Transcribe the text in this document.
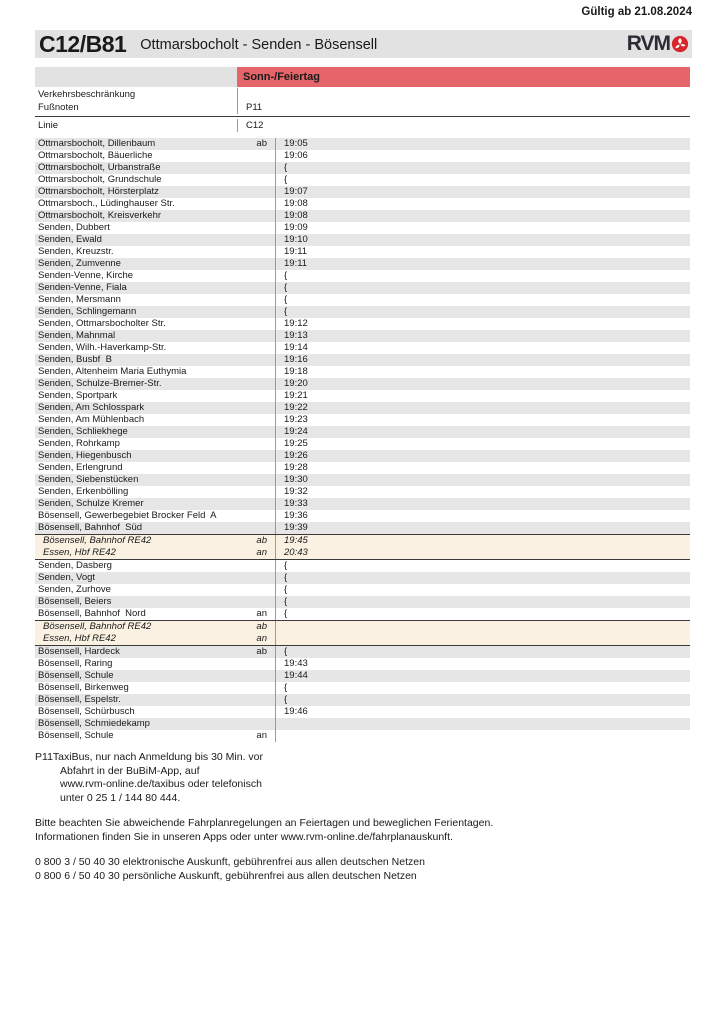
Gültig ab 21.08.2024
C12/B81 Ottmarsbocholt - Senden - Bösensell	RVM
Sonn-/Feiertag
Verkehrsbeschränkung
Fußnoten	P11
Linie	C12
Ottmarsbocholt, Dillenbaum	ab	19:05
Ottmarsbocholt, Bäuerliche	19:06
Ottmarsbocholt, Urbanstraße	{
Ottmarsbocholt, Grundschule	{
Ottmarsbocholt, Hörsterplatz	19:07
Ottmarsboch., Lüdinghauser Str.	19:08
Ottmarsbocholt, Kreisverkehr	19:08
Senden, Dubbert	19:09
Senden, Ewald	19:10
Senden, Kreuzstr.	19:11
Senden, Zumvenne	19:11
Senden-Venne, Kirche	{
Senden-Venne, Fiala	{
Senden, Mersmann	{
Senden, Schlingemann	{
Senden, Ottmarsbocholter Str.	19:12
Senden, Mahnmal	19:13
Senden, Wilh.-Haverkamp-Str.	19:14
Senden, Busbf  B	19:16
Senden, Altenheim Maria Euthymia	19:18
Senden, Schulze-Bremer-Str.	19:20
Senden, Sportpark	19:21
Senden, Am Schlosspark	19:22
Senden, Am Mühlenbach	19:23
Senden, Schliekhege	19:24
Senden, Rohrkamp	19:25
Senden, Hiegenbusch	19:26
Senden, Erlengrund	19:28
Senden, Siebenstücken	19:30
Senden, Erkenbölling	19:32
Senden, Schulze Kremer	19:33
Bösensell, Gewerbegebiet Brocker Feld  A	19:36
Bösensell, Bahnhof  Süd	19:39
Bösensell, Bahnhof RE42	ab	19:45
Essen, Hbf RE42	an	20:43
Senden, Dasberg	{
Senden, Vogt	{
Senden, Zurhove	{
Bösensell, Beiers	{
Bösensell, Bahnhof  Nord	an	{
Bösensell, Bahnhof RE42	ab
Essen, Hbf RE42	an
Bösensell, Hardeck	ab	{
Bösensell, Raring	19:43
Bösensell, Schule	19:44
Bösensell, Birkenweg	{
Bösensell, Espelstr.	{
Bösensell, Schürbusch	19:46
Bösensell, Schmiedekamp
Bösensell, Schule	an
P11TaxiBus, nur nach Anmeldung bis 30 Min. vor
Abfahrt in der BuBiM-App, auf
www.rvm-online.de/taxibus oder telefonisch
unter 0 25 1 / 144 80 444.
Bitte beachten Sie abweichende Fahrplanregelungen an Feiertagen und beweglichen Ferientagen.
Informationen finden Sie in unseren Apps oder unter www.rvm-online.de/fahrplanauskunft.
0 800 3 / 50 40 30 elektronische Auskunft, gebührenfrei aus allen deutschen Netzen
0 800 6 / 50 40 30 persönliche Auskunft, gebührenfrei aus allen deutschen Netzen
